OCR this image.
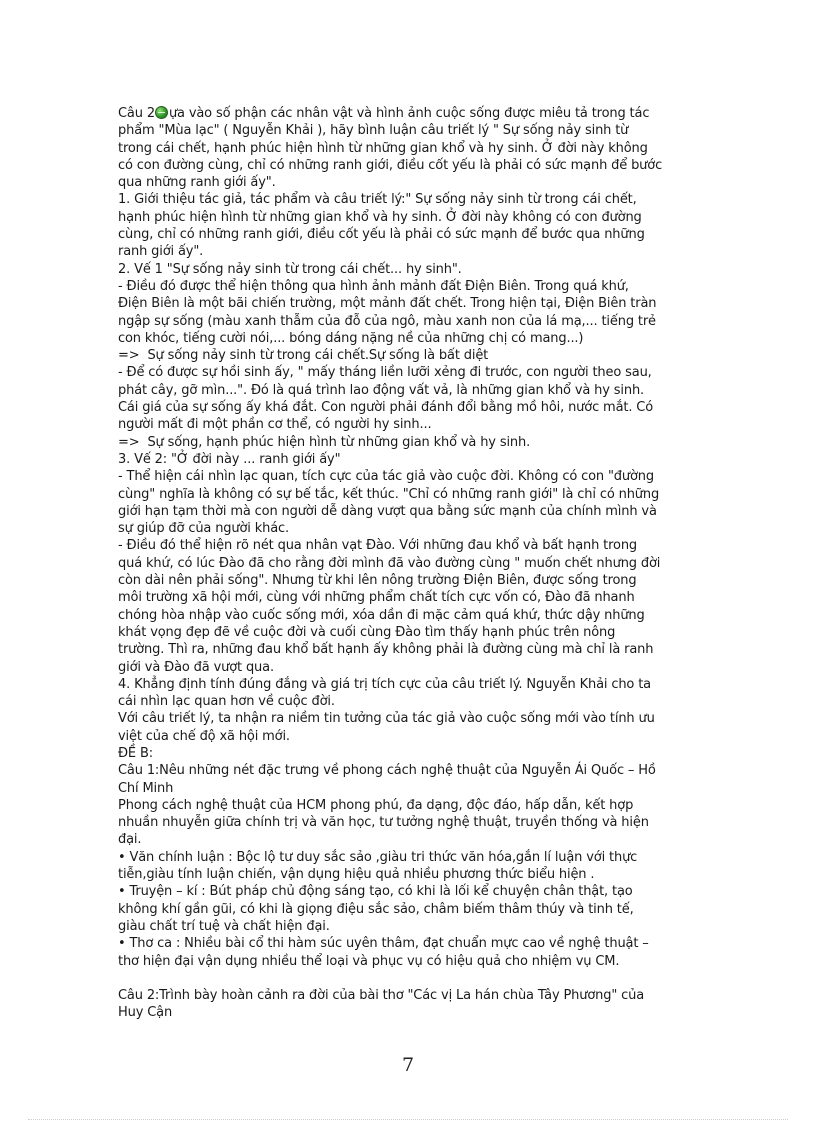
Câu 2 ựa vào số phận các nhân vật và hình ảnh cuộc sống được miêu tả trong tác
phẩm "Mùa lạc" ( Nguyễn Khải ), hãy bình luận câu triết lý " Sự sống nảy sinh từ
trong cái chết, hạnh phúc hiện hình từ những gian khổ và hy sinh. Ở đời này không
có con đường cùng, chỉ có những ranh giới, điều cốt yếu là phải có sức mạnh để bước
qua những ranh giới ấy".

1. Giới thiệu tác giả, tác phẩm và câu triết lý:" Sự sống nảy sinh từ trong cái chết,
hạnh phúc hiện hình từ những gian khổ và hy sinh. Ở đời này không có con đường
cùng, chỉ có những ranh giới, điều cốt yếu là phải có sức mạnh để bước qua những
ranh giới ấy".

2. Vế 1 "Sự sống nảy sinh từ trong cái chết... hy sinh".

- Điều đó được thể hiện thông qua hình ảnh mảnh đất Điện Biên. Trong quá khứ,
Điện Biên là một bãi chiến trường, một mảnh đất chết. Trong hiện tại, Điện Biên tràn
ngập sự sống (màu xanh thẫm của đỗ của ngô, màu xanh non của lá mạ,... tiếng trẻ
con khóc, tiếng cười nói,... bóng dáng nặng nề của những chị có mang...)

=>  Sự sống nảy sinh từ trong cái chết.Sự sống là bất diệt

- Để có được sự hồi sinh ấy, " mấy tháng liền lưỡi xẻng đi trước, con người theo sau,
phát cây, gỡ mìn...". Đó là quá trình lao động vất vả, là những gian khổ và hy sinh.
Cái giá của sự sống ấy khá đắt. Con người phải đánh đổi bằng mồ hôi, nước mắt. Có
người mất đi một phần cơ thể, có người hy sinh...

=>  Sự sống, hạnh phúc hiện hình từ những gian khổ và hy sinh.

3. Vế 2: "Ở đời này ... ranh giới ấy"

- Thể hiện cái nhìn lạc quan, tích cực của tác giả vào cuộc đời. Không có con "đường
cùng" nghĩa là không có sự bế tắc, kết thúc. "Chỉ có những ranh giới" là chỉ có những
giới hạn tạm thời mà con người dễ dàng vượt qua bằng sức mạnh của chính mình và
sự giúp đỡ của người khác.

- Điều đó thể hiện rõ nét qua nhân vạt Đào. Với những đau khổ và bất hạnh trong
quá khứ, có lúc Đào đã cho rằng đời mình đã vào đường cùng " muốn chết nhưng đời
còn dài nên phải sống". Nhưng từ khi lên nông trường Điện Biên, được sống trong
môi trường xã hội mới, cùng với những phẩm chất tích cực vốn có, Đào đã nhanh
chóng hòa nhập vào cuốc sống mới, xóa dần đi mặc cảm quá khứ, thức dậy những
khát vọng đẹp đẽ về cuộc đời và cuối cùng Đào tìm thấy hạnh phúc trên nông
trường. Thì ra, những đau khổ bất hạnh ấy không phải là đường cùng mà chỉ là ranh
giới và Đào đã vượt qua.

4. Khẳng định tính đúng đắng và giá trị tích cực của câu triết lý. Nguyễn Khải cho ta
cái nhìn lạc quan hơn về cuộc đời.

Với câu triết lý, ta nhận ra niềm tin tưởng của tác giả vào cuộc sống mới vào tính ưu
việt của chế độ xã hội mới.

ĐỀ B:

Câu 1:Nêu những nét đặc trưng về phong cách nghệ thuật của Nguyễn Ái Quốc – Hồ
Chí Minh

Phong cách nghệ thuật của HCM phong phú, đa dạng, độc đáo, hấp dẫn, kết hợp
nhuần nhuyễn giữa chính trị và văn học, tư tưởng nghệ thuật, truyền thống và hiện
đại.

• Văn chính luận : Bộc lộ tư duy sắc sảo ,giàu tri thức văn hóa,gắn lí luận với thực
tiễn,giàu tính luận chiến, vận dụng hiệu quả nhiều phương thức biểu hiện .

• Truyện – kí : Bút pháp chủ động sáng tạo, có khi là lối kể chuyện chân thật, tạo
không khí gần gũi, có khi là giọng điệu sắc sảo, châm biếm thâm thúy và tinh tế,
giàu chất trí tuệ và chất hiện đại.

• Thơ ca : Nhiều bài cổ thi hàm súc uyên thâm, đạt chuẩn mực cao về nghệ thuật –
thơ hiện đại vận dụng nhiều thể loại và phục vụ có hiệu quả cho nhiệm vụ CM.

Câu 2:Trình bày hoàn cảnh ra đời của bài thơ "Các vị La hán chùa Tây Phương" của
Huy Cận

7
